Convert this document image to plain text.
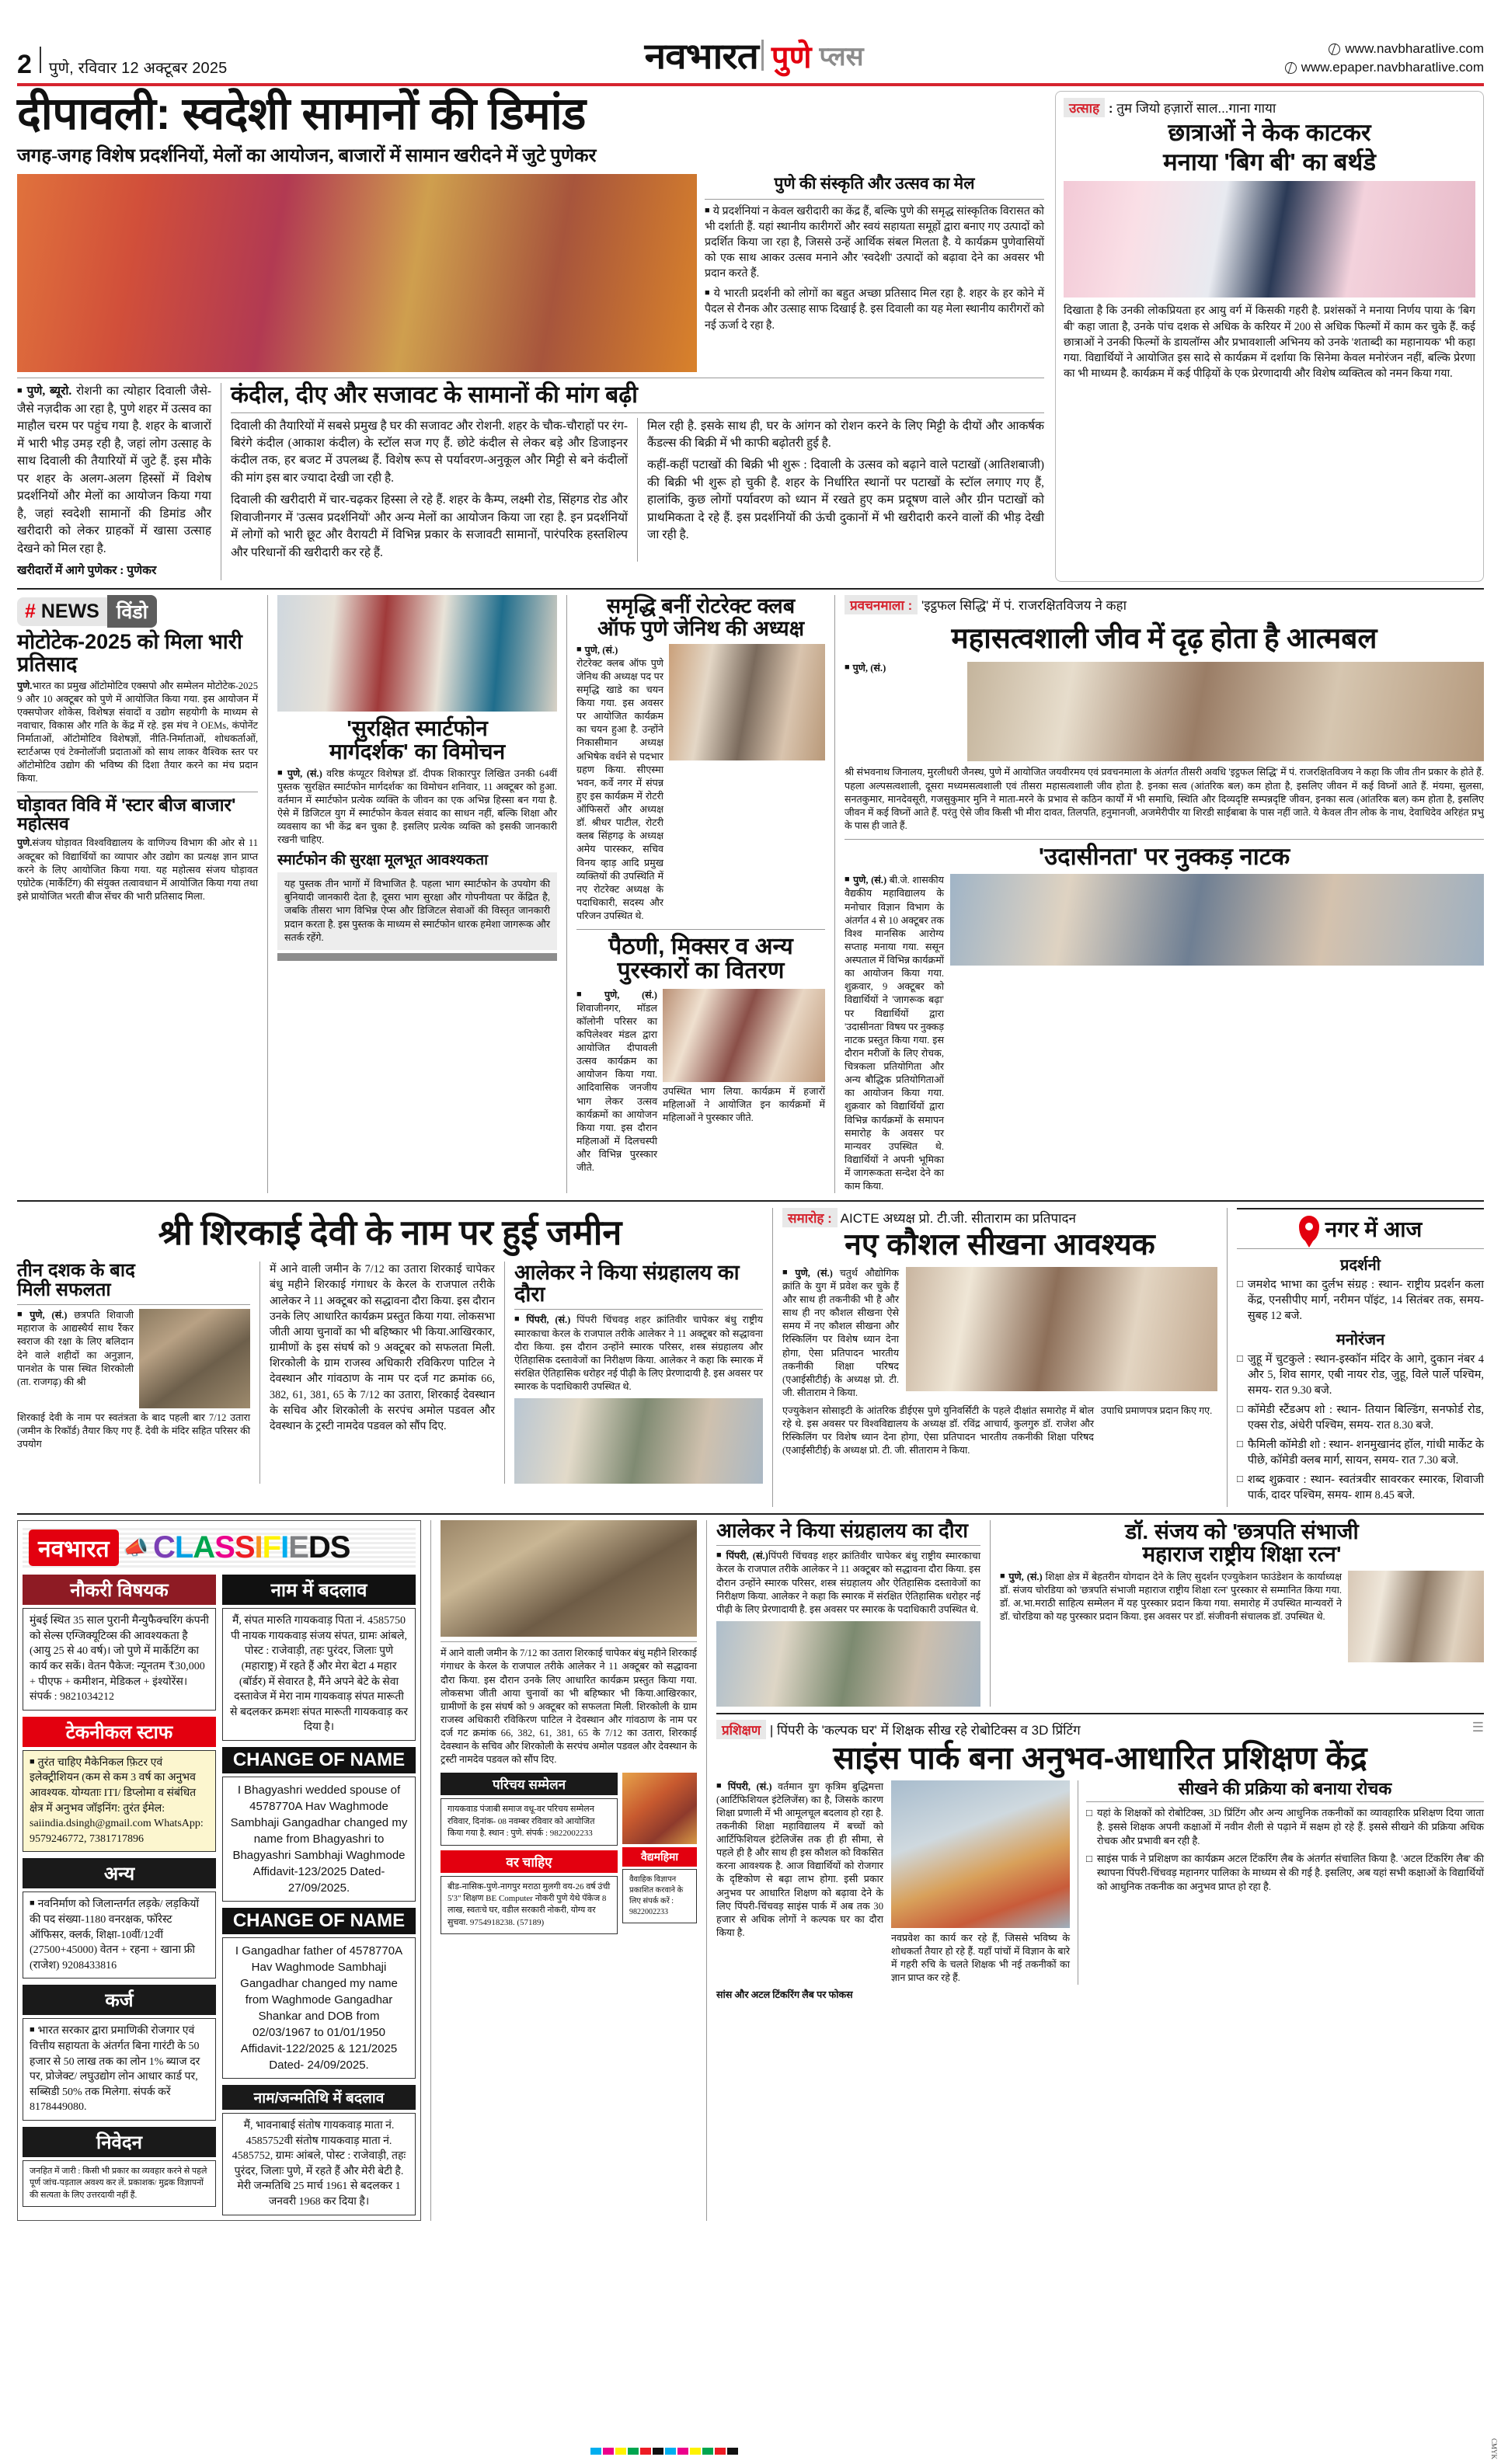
2 पुणे, रविवार 12 अक्टूबर 2025	नवभारत पुणे प्लस	www.navbharatlive.com
www.epaper.navbharatlive.com
दीपावली: स्वदेशी सामानों की डिमांड
जगह-जगह विशेष प्रदर्शनियों, मेलों का आयोजन, बाजारों में सामान खरीदने में जुटे पुणेकर
पुणे की संस्कृति और उत्सव का मेल
■ ये प्रदर्शनियां न केवल खरीदारी का केंद्र हैं, बल्कि पुणे की समृद्ध सांस्कृतिक विरासत को भी दर्शाती हैं. यहां स्थानीय कारीगरों और स्वयं सहायता समूहों द्वारा बनाए गए उत्पादों को प्रदर्शित किया जा रहा है, जिससे उन्हें आर्थिक संबल मिलता है. ये कार्यक्रम पुणेवासियों को एक साथ आकर उत्सव मनाने और 'स्वदेशी' उत्पादों को बढ़ावा देने का अवसर भी प्रदान करते हैं.
■ ये भारती प्रदर्शनी को लोगों का बहुत अच्छा प्रतिसाद मिल रहा है. शहर के हर कोने में पैदल से रौनक और उत्साह साफ दिखाई है. इस दिवाली का यह मेला स्थानीय कारीगरों को नई ऊर्जा दे रहा है.
■ पुणे, ब्यूरो. रोशनी का त्योहार दिवाली जैसे-जैसे नज़दीक आ रहा है, पुणे शहर में उत्सव का माहौल चरम पर पहुंच गया है. शहर के बाजारों में भारी भीड़ उमड़ रही है, जहां लोग उत्साह के साथ दिवाली की तैयारियों में जुटे हैं. इस मौके पर शहर के अलग-अलग हिस्सों में विशेष प्रदर्शनियों और मेलों का आयोजन किया गया है, जहां स्वदेशी सामानों की डिमांड और खरीदारी को लेकर ग्राहकों में खासा उत्साह देखने को मिल रहा है.
खरीदारों में आगे पुणेकर : पुणेकर
कंदील, दीए और सजावट के सामानों की मांग बढ़ी
दिवाली की तैयारियों में सबसे प्रमुख है घर की सजावट और रोशनी. शहर के चौक-चौराहों पर रंग-बिरंगे कंदील (आकाश कंदील) के स्टॉल सज गए हैं. छोटे कंदील से लेकर बड़े और डिजाइनर कंदील तक, हर बजट में उपलब्ध हैं. विशेष रूप से पर्यावरण-अनुकूल और मिट्टी से बने कंदीलों की मांग इस बार ज्यादा देखी जा रही है.
दिवाली की खरीदारी में चार-चढ़कर हिस्सा ले रहे हैं. शहर के कैम्प, लक्ष्मी रोड, सिंहगड रोड और शिवाजीनगर में 'उत्सव प्रदर्शनियों' और अन्य मेलों का आयोजन किया जा रहा है. इन प्रदर्शनियों में लोगों को भारी छूट और वैरायटी में विभिन्न प्रकार के सजावटी सामानों, पारंपरिक हस्तशिल्प और परिधानों की खरीदारी कर रहे हैं.
मिल रही है. इसके साथ ही, घर के आंगन को रोशन करने के लिए मिट्टी के दीयों और आकर्षक कैंडल्स की बिक्री में भी काफी बढ़ोतरी हुई है.
कहीं-कहीं पटाखों की बिक्री भी शुरू : दिवाली के उत्सव को बढ़ाने वाले पटाखों (आतिशबाजी) की बिक्री भी शुरू हो चुकी है. शहर के निर्धारित स्थानों पर पटाखों के स्टॉल लगाए गए हैं, हालांकि, कुछ लोगों पर्यावरण को ध्यान में रखते हुए कम प्रदूषण वाले और ग्रीन पटाखों को प्राथमिकता दे रहे हैं. इस प्रदर्शनियों की ऊंची दुकानों में भी खरीदारी करने वालों की भीड़ देखी जा रही है.
उत्साह : तुम जियो हज़ारों साल...गाना गाया
छात्राओं ने केक काटकर
मनाया 'बिग बी' का बर्थडे
दिखाता है कि उनकी लोकप्रियता हर आयु वर्ग में किसकी गहरी है. प्रशंसकों ने मनाया निर्णय पाया के 'बिग बी' कहा जाता है, उनके पांच दशक से अधिक के करियर में 200 से अधिक फिल्मों में काम कर चुके हैं. कई छात्राओं ने उनकी फिल्मों के डायलॉग्स और प्रभावशाली अभिनय को उनके 'शताब्दी का महानायक' भी कहा गया. विद्यार्थियों ने आयोजित इस सादे से कार्यक्रम में दर्शाया कि सिनेमा केवल मनोरंजन नहीं, बल्कि प्रेरणा का भी माध्यम है. कार्यक्रम में कई पीढ़ियों के एक प्रेरणादायी और विशेष व्यक्तित्व को नमन किया गया.
# NEWS विंडो
मोटोटेक-2025 को मिला भारी प्रतिसाद
पुणे.भारत का प्रमुख ऑटोमोटिव एक्सपो और सम्मेलन मोटोटेक-2025 9 और 10 अक्टूबर को पुणे में आयोजित किया गया. इस आयोजन में एक्सपोजर शोकेस, विशेषज्ञ संवादों व उद्योग सहयोगी के माध्यम से नवाचार, विकास और गति के केंद्र में रहे. इस मंच ने OEMs, कंपोनेंट निर्माताओं, ऑटोमोटिव विशेषज्ञों, नीति-निर्माताओं, शोधकर्ताओं, स्टार्टअप्स एवं टेक्नोलॉजी प्रदाताओं को साथ लाकर वैश्विक स्तर पर ऑटोमोटिव उद्योग की भविष्य की दिशा तैयार करने का मंच प्रदान किया.
घोड़ावत विवि में 'स्टार बीज बाजार' महोत्सव
पुणे.संजय घोड़ावत विश्वविद्यालय के वाणिज्य विभाग की ओर से 11 अक्टूबर को विद्यार्थियों का व्यापार और उद्योग का प्रत्यक्ष ज्ञान प्राप्त करने के लिए आयोजित किया गया. यह महोत्सव संजय घोड़ावत एग्रोटेक (मार्केटिंग) की संयुक्त तत्वावधान में आयोजित किया गया तथा इसे प्रायोजित भरती बीज सेंचर की भारी प्रतिसाद मिला.
'सुरक्षित स्मार्टफोन
मार्गदर्शक' का विमोचन
■ पुणे, (सं.) वरिष्ठ कंप्यूटर विशेषज्ञ डॉ. दीपक शिकारपुर लिखित उनकी 64वीं पुस्तक 'सुरक्षित स्मार्टफोन मार्गदर्शक' का विमोचन शनिवार, 11 अक्टूबर को हुआ. वर्तमान में स्मार्टफोन प्रत्येक व्यक्ति के जीवन का एक अभिन्न हिस्सा बन गया है. ऐसे में डिजिटल युग में स्मार्टफोन केवल संवाद का साधन नहीं, बल्कि शिक्षा और व्यवसाय का भी केंद्र बन चुका है. इसलिए प्रत्येक व्यक्ति को इसकी जानकारी रखनी चाहिए.
स्मार्टफोन की सुरक्षा मूलभूत आवश्यकता
यह पुस्तक तीन भागों में विभाजित है. पहला भाग स्मार्टफोन के उपयोग की बुनियादी जानकारी देता है, दूसरा भाग सुरक्षा और गोपनीयता पर केंद्रित है, जबकि तीसरा भाग विभिन्न ऐप्स और डिजिटल सेवाओं की विस्तृत जानकारी प्रदान करता है. इस पुस्तक के माध्यम से स्मार्टफोन धारक हमेशा जागरूक और सतर्क रहेंगे.
समृद्धि बनीं रोटरेक्ट क्लब
ऑफ पुणे जेनिथ की अध्यक्ष
■ पुणे, (सं.)
रोटरेक्ट क्लब ऑफ पुणे जेनिथ की अध्यक्ष पद पर समृद्धि खाडे का चयन किया गया. इस अवसर पर आयोजित कार्यक्रम का चयन हुआ है. उन्होंने निकासीमान अध्यक्ष अभिषेक वर्धने से पदभार ग्रहण किया. सीएस्मा भवन, कर्वे नगर में संपन्न हुए इस कार्यक्रम में रोटरी ऑफिसरों और अध्यक्ष डॉ. श्रीधर पाटील, रोटरी क्लब सिंहगढ़ के अध्यक्ष अमेय पारस्कर, सचिव विनय व्हाड़ आदि प्रमुख व्यक्तियों की उपस्थिति में नए रोटरेक्ट अध्यक्ष के पदाधिकारी, सदस्य और परिजन उपस्थित थे.
पैठणी, मिक्सर व अन्य
पुरस्कारों का वितरण
■ पुणे, (सं.) शिवाजीनगर, मॉडल कॉलोनी परिसर का कपिलेश्वर मंडल द्वारा आयोजित दीपावली उत्सव कार्यक्रम का आयोजन किया गया. आदिवासिक जनजीय भाग लेकर उत्सव कार्यक्रमों का आयोजन किया गया. इस दौरान महिलाओं में दिलचस्पी और विभिन्न पुरस्कार जीते.
उपस्थित भाग लिया. कार्यक्रम में हजारों महिलाओं ने आयोजित इन कार्यक्रमों में महिलाओं ने पुरस्कार जीते.
प्रवचनमाला : 'इट्ठफल सिद्धि' में पं. राजरक्षितविजय ने कहा
महासत्वशाली जीव में दृढ़ होता है आत्मबल
■ पुणे, (सं.)
श्री संभवनाथ जिनालय, मुरलीधरी जैनस्थ, पुणे में आयोजित जयवीरमय एवं प्रवचनमाला के अंतर्गत तीसरी अवधि 'इट्ठफल सिद्धि' में पं. राजरक्षितविजय ने कहा कि जीव तीन प्रकार के होते हैं. पहला अल्पसत्वशाली, दूसरा मध्यमसत्वशाली एवं तीसरा महासत्वशाली जीव होता है. इनका सत्व (आंतरिक बल) कम होता है, इसलिए जीवन में कई विघ्नों आते हैं. मंयमा, सुलसा, सनतकुमार, मानदेवसूरी, गजसुकुमार मुनि ने माता-मरने के प्रभाव से कठिन कार्यों में भी समाधि, स्थिति और दिव्यदृष्टि सम्पन्नदृष्टि जीवन, इनका सत्व (आंतरिक बल) कम होता है, इसलिए जीवन में कई विघ्नों आते हैं. परंतु ऐसे जीव किसी भी मीरा दावत, तिलपति, हनुमानजी, अजमेरीपीर या शिरडी साईबाबा के पास नहीं जाते. ये केवल तीन लोक के नाथ, देवाधिदेव अरिहंत प्रभु के पास ही जाते हैं.
'उदासीनता' पर नुक्कड़ नाटक
■ पुणे, (सं.) बी.जे. शासकीय वैद्यकीय महाविद्यालय के मनोचार विज्ञान विभाग के अंतर्गत 4 से 10 अक्टूबर तक विश्व मानसिक आरोग्य सप्ताह मनाया गया. ससून अस्पताल में विभिन्न कार्यक्रमों का आयोजन किया गया. शुक्रवार, 9 अक्टूबर को विद्यार्थियों ने 'जागरूक बढ़ा' पर विद्यार्थियों द्वारा 'उदासीनता' विषय पर नुक्कड़ नाटक प्रस्तुत किया गया. इस दौरान मरीजों के लिए रोचक, चित्रकला प्रतियोगिता और अन्य बौद्धिक प्रतियोगिताओं का आयोजन किया गया. शुक्रवार को विद्यार्थियों द्वारा विभिन्न कार्यक्रमों के समापन समारोह के अवसर पर मान्यवर उपस्थित थे. विद्यार्थियों ने अपनी भूमिका में जागरूकता सन्देश देने का काम किया.
श्री शिरकाई देवी के नाम पर हुई जमीन
तीन दशक के बाद
मिली सफलता
■ पुणे, (सं.) छत्रपति शिवाजी महाराज के आद्यस्थैर्य साथ रैंकर स्वराज की रक्षा के लिए बलिदान देने वाले शहीदों का अनुज्ञान, पानशेत के पास स्थित शिरकोली (ता. राजगढ़) की श्री
शिरकाई देवी के नाम पर स्वतंत्रता के बाद पहली बार 7/12 उतारा (जमीन के रिकॉर्ड) तैयार किए गए हैं. देवी के मंदिर सहित परिसर की उपयोग
में आने वाली जमीन के 7/12 का उतारा शिरकाई चापेकर बंधु महीने शिरकाई गंगाधर के केरल के राजपाल तरीके आलेकर ने 11 अक्टूबर को सद्धावना दौरा किया. इस दौरान उनके लिए आधारित कार्यक्रम प्रस्तुत किया गया. लोकसभा जीती आया चुनावों का भी बहिष्कार भी किया.आखिरकार, ग्रामीणों के इस संघर्ष को 9 अक्टूबर को सफलता मिली. शिरकोली के ग्राम राजस्व अधिकारी रविकिरण पाटिल ने देवस्थान और गांवठाण के नाम पर दर्ज गट क्रमांक 66, 382, 61, 381, 65 के 7/12 का उतारा, शिरकाई देवस्थान के सचिव और शिरकोली के सरपंच अमोल पडवल और देवस्थान के ट्रस्टी नामदेव पडवल को सौंप दिए.
आलेकर ने किया संग्रहालय का दौरा
■ पिंपरी, (सं.) पिंपरी चिंचवड़ शहर क्रांतिवीर चापेकर बंधु राष्ट्रीय स्मारकाचा केरल के राजपाल तरीके आलेकर ने 11 अक्टूबर को सद्धावना दौरा किया. इस दौरान उन्होंने स्मारक परिसर, शस्त्र संग्रहालय और ऐतिहासिक दस्तावेजों का निरीक्षण किया. आलेकर ने कहा कि स्मारक में संरक्षित ऐतिहासिक धरोहर नई पीढ़ी के लिए प्रेरणादायी है. इस अवसर पर स्मारक के पदाधिकारी उपस्थित थे.
समारोह : AICTE अध्यक्ष प्रो. टी.जी. सीताराम का प्रतिपादन
नए कौशल सीखना आवश्यक
■ पुणे, (सं.) चतुर्थ औद्योगिक क्रांति के युग में प्रवेश कर चुके हैं और साथ ही तकनीकी भी है और साथ ही नए कौशल सीखना ऐसे समय में नए कौशल सीखना और रिस्किलिंग पर विशेष ध्यान देना होगा, ऐसा प्रतिपादन भारतीय तकनीकी शिक्षा परिषद (एआईसीटीई) के अध्यक्ष प्रो. टी. जी. सीताराम ने किया.
एज्युकेशन सोसाइटी के आंतरिक डीईएस पुणे युनिवर्सिटी के पहले दीक्षांत समारोह में बोल रहे थे. इस अवसर पर विश्वविद्यालय के अध्यक्ष डॉ. रविंद्र आचार्य, कुलगुरु डॉ. राजेश और रिस्किलिंग पर विशेष ध्यान देना होगा, ऐसा प्रतिपादन भारतीय तकनीकी शिक्षा परिषद (एआईसीटीई) के अध्यक्ष प्रो. टी. जी. सीताराम ने किया.
उपाधि प्रमाणपत्र प्रदान किए गए.
नगर में आज
प्रदर्शनी
□ जमशेद भाभा का दुर्लभ संग्रह : स्थान- राष्ट्रीय प्रदर्शन कला केंद्र, एनसीपीए मार्ग, नरीमन पॉइंट, 14 सितंबर तक, समय- सुबह 12 बजे.
मनोरंजन
□ जुहू में चुटकुले : स्थान-इस्कॉन मंदिर के आगे, दुकान नंबर 4 और 5, शिव सागर, एबी नायर रोड, जुहू, विले पार्ले पश्चिम, समय- रात 9.30 बजे.
□ कॉमेडी स्टैंडअप शो : स्थान- तियान बिल्डिंग, सनफोर्ड रोड, एक्स रोड, अंधेरी पश्चिम, समय- रात 8.30 बजे.
□ फैमिली कॉमेडी शो : स्थान- शनमुखानंद हॉल, गांधी मार्केट के पीछे, कॉमेडी क्लब मार्ग, सायन, समय- रात 7.30 बजे.
□ शब्द शुक्रवार : स्थान- स्वतंत्रवीर सावरकर स्मारक, शिवाजी पार्क, दादर पश्चिम, समय- शाम 8.45 बजे.
नवभारत 📣 CLASSIFIEDS
नौकरी विषयक
मुंबई स्थित 35 साल पुरानी मैन्युफैक्चरिंग कंपनी को सेल्स एग्जिक्यूटिव्स की आवश्यकता है (आयु 25 से 40 वर्ष)। जो पुणे में मार्केटिंग का कार्य कर सकें। वेतन पैकेज: न्यूनतम ₹30,000 + पीएफ + कमीशन, मेडिकल + इंश्योरेंस। संपर्क : 9821034212
टेकनीकल स्टाफ
■ तुरंत चाहिए मैकेनिकल फ़िटर एवं इलेक्ट्रीशियन (कम से कम 3 वर्ष का अनुभव आवश्यक. योग्यताः ITI/ डिप्लोमा व संबंधित क्षेत्र में अनुभव जॉइनिंग: तुरंत ईमेल: saiindia.dsingh@gmail.com WhatsApp: 9579246772, 7381717896
अन्य
■ नवनिर्माण को जिलान्तर्गत लड़के/ लड़कियों की पद संख्या-1180 वनरक्षक, फॉरेस्ट ऑफिसर, क्लर्क, शिक्षा-10वीं/12वीं (27500+45000) वेतन + रहना + खाना फ्री (राजेश) 9208433816
कर्ज
■ भारत सरकार द्वारा प्रमाणिकी रोजगार एवं वित्तीय सहायता के अंतर्गत बिना गारंटी के 50 हजार से 50 लाख तक का लोन 1% ब्याज दर पर, प्रोजेक्ट/ लघुउद्योग लोन आधार कार्ड पर, सब्सिडी 50% तक मिलेगा. संपर्क करें 8178449080.
निवेदन
जनहित में जारी : किसी भी प्रकार का व्यवहार करने से पहले पूर्ण जांच-पड़ताल अवश्य कर लें. प्रकाशक/ मुद्रक विज्ञापनों की सत्यता के लिए उत्तरदायी नहीं हैं.
नाम में बदलाव
मैं, संपत मारुति गायकवाड़ पिता नं. 4585750 पी नायक गायकवाड़ संजय संपत, ग्रामः आंबले, पोस्ट : राजेवाड़ी, तहः पुरंदर, जिलाः पुणे (महाराष्ट्र) में रहते हैं और मेरा बेटा 4 महार (बॉर्डर) में सेवारत है, मैंने अपने बेटे के सेवा दस्तावेज में मेरा नाम गायकवाड़ संपत मारूती से बदलकर क्रमशः संपत मारूती गायकवाड़ कर दिया है।
CHANGE OF NAME
I Bhagyashri wedded spouse of 4578770A Hav Waghmode Sambhaji Gangadhar changed my name from Bhagyashri to Bhagyashri Sambhaji Waghmode Affidavit-123/2025 Dated- 27/09/2025.
CHANGE OF NAME
I Gangadhar father of 4578770A Hav Waghmode Sambhaji Gangadhar changed my name from Waghmode Gangadhar Shankar and DOB from 02/03/1967 to 01/01/1950 Affidavit-122/2025 & 121/2025 Dated- 24/09/2025.
नाम/जन्मतिथि में बदलाव
मैं, भावनाबाई संतोष गायकवाड़ माता नं. 4585752वी संतोष गायकवाड़ माता नं. 4585752, ग्रामः आंबले, पोस्ट : राजेवाड़ी, तहः पुरंदर, जिलाः पुणे, में रहते हैं और मेरी बेटी है. मेरी जन्मतिथि 25 मार्च 1961 से बदलकर 1 जनवरी 1968 कर दिया है।
में आने वाली जमीन के 7/12 का उतारा शिरकाई चापेकर बंधु महीने शिरकाई गंगाधर के केरल के राजपाल तरीके आलेकर ने 11 अक्टूबर को सद्धावना दौरा किया. इस दौरान उनके लिए आधारित कार्यक्रम प्रस्तुत किया गया. लोकसभा जीती आया चुनावों का भी बहिष्कार भी किया.आखिरकार, ग्रामीणों के इस संघर्ष को 9 अक्टूबर को सफलता मिली. शिरकोली के ग्राम राजस्व अधिकारी रविकिरण पाटिल ने देवस्थान और गांवठाण के नाम पर दर्ज गट क्रमांक 66, 382, 61, 381, 65 के 7/12 का उतारा, शिरकाई देवस्थान के सचिव और शिरकोली के सरपंच अमोल पडवल और देवस्थान के ट्रस्टी नामदेव पडवल को सौंप दिए.
परिचय सम्मेलन
गायकवाड पंजाबी समाज वधू-वर परिचय सम्मेलन रविवार, दिनांक- 08 नवम्बर रविवार को आयोजित किया गया है. स्थान : पुणे. संपर्क : 9822002233
वर चाहिए
बीड-नासिक-पुणे-नागपुर मराठा मुलगी वय-26 वर्ष उंची 5'3" शिक्षण BE Computer नोकरी पुणे येथे पॅकेज 8 लाख, स्वतःचे घर, वडील सरकारी नोकरी, योग्य वर सुचवा. 9754918238. (57189)
वैद्यमहिमा
वैवाहिक विज्ञापन प्रकाशित करवाने के लिए संपर्क करें : 9822002233
आलेकर ने किया संग्रहालय का दौरा
■ पिंपरी, (सं.)पिंपरी चिंचवड़ शहर क्रांतिवीर चापेकर बंधु राष्ट्रीय स्मारकाचा केरल के राजपाल तरीके आलेकर ने 11 अक्टूबर को सद्धावना दौरा किया. इस दौरान उन्होंने स्मारक परिसर, शस्त्र संग्रहालय और ऐतिहासिक दस्तावेजों का निरीक्षण किया. आलेकर ने कहा कि स्मारक में संरक्षित ऐतिहासिक धरोहर नई पीढ़ी के लिए प्रेरणादायी है. इस अवसर पर स्मारक के पदाधिकारी उपस्थित थे.
डॉ. संजय को 'छत्रपति संभाजी
महाराज राष्ट्रीय शिक्षा रत्न'
■ पुणे, (सं.) शिक्षा क्षेत्र में बेहतरीन योगदान देने के लिए सुदर्शन एज्युकेशन फाउंडेशन के कार्याध्यक्ष डॉ. संजय चोरडिया को 'छत्रपति संभाजी महाराज राष्ट्रीय शिक्षा रत्न' पुरस्कार से सम्मानित किया गया. डॉ. अ.भा.मराठी साहित्य सम्मेलन में यह पुरस्कार प्रदान किया गया. समारोह में उपस्थित मान्यवरों ने डॉ. चोरडिया को यह पुरस्कार प्रदान किया. इस अवसर पर डॉ. संजीवनी संचालक डॉ. उपस्थित थे.
प्रशिक्षण | पिंपरी के 'कल्पक घर' में शिक्षक सीख रहे रोबोटिक्स व 3D प्रिंटिंग	☰
साइंस पार्क बना अनुभव-आधारित प्रशिक्षण केंद्र
■ पिंपरी, (सं.) वर्तमान युग कृत्रिम बुद्धिमत्ता (आर्टिफिशियल इंटेलिजेंस) का है, जिसके कारण शिक्षा प्रणाली में भी आमूलचूल बदलाव हो रहा है. तकनीकी शिक्षा महाविद्यालय में बच्चों को आर्टिफिशियल इंटेलिजेंस तक ही ही सीमा, से पहले ही है और साथ ही इस कौशल को विकसित करना आवश्यक है. आज विद्यार्थियों को रोजगार के दृष्टिकोण से बढ़ा लाभ होगा. इसी प्रकार अनुभव पर आधारित शिक्षण को बढ़ावा देने के लिए पिंपरी-चिंचवड़ साइंस पार्क में अब तक 30 हजार से अधिक लोगों ने कल्पक घर का दौरा किया है.	नवप्रवेश का कार्य कर रहे हैं, जिससे भविष्य के शोधकर्ता तैयार हो रहे हैं. यहाँ पांचों में विज्ञान के बारे में गहरी रुचि के चलते शिक्षक भी नई तकनीकों का ज्ञान प्राप्त कर रहे हैं.
सीखने की प्रक्रिया को बनाया रोचक
□ यहां के शिक्षकों को रोबोटिक्स, 3D प्रिंटिंग और अन्य आधुनिक तकनीकों का व्यावहारिक प्रशिक्षण दिया जाता है. इससे शिक्षक अपनी कक्षाओं में नवीन शैली से पढ़ाने में सक्षम हो रहे हैं. इससे सीखने की प्रक्रिया अधिक रोचक और प्रभावी बन रही है.
□ साइंस पार्क ने प्रशिक्षण का कार्यक्रम अटल टिंकरिंग लैब के अंतर्गत संचालित किया है. 'अटल टिंकरिंग लैब' की स्थापना पिंपरी-चिंचवड़ महानगर पालिका के माध्यम से की गई है. इसलिए, अब यहां सभी कक्षाओं के विद्यार्थियों को आधुनिक तकनीक का अनुभव प्राप्त हो रहा है.
सांस और अटल टिंकरिंग लैब पर फोकस
CMYK
